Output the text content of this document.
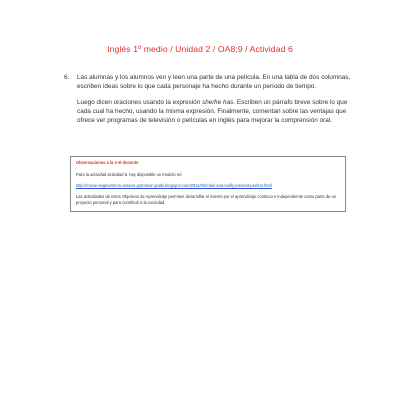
Inglés 1º medio / Unidad 2 / OA8;9 / Actividad 6
6. Las alumnas y los alumnos ven y leen una parte de una película. En una tabla de dos columnas, escriben ideas sobre lo que cada personaje ha hecho durante un período de tiempo.

Luego dicen oraciones usando la expresión she/he has. Escriben un párrafo breve sobre lo que cada cual ha hecho, usando la misma expresión. Finalmente, comentan sobre las ventajas que ofrece ver programas de televisión o películas en inglés para mejorar la comprensión oral.

Observaciones a la o el docente

Para la actividad actividad 5, hay disponible un modelo en:

http://movie-segments-to-assess-grammar-goals.blogspot.com/2011/02/mike-and-molly-present-perfect.html

Las actividades de estos Objetivos de Aprendizaje permiten desarrollar el interés por el aprendizaje continuo e independiente como parte de un proyecto personal y para contribuir a la sociedad.
